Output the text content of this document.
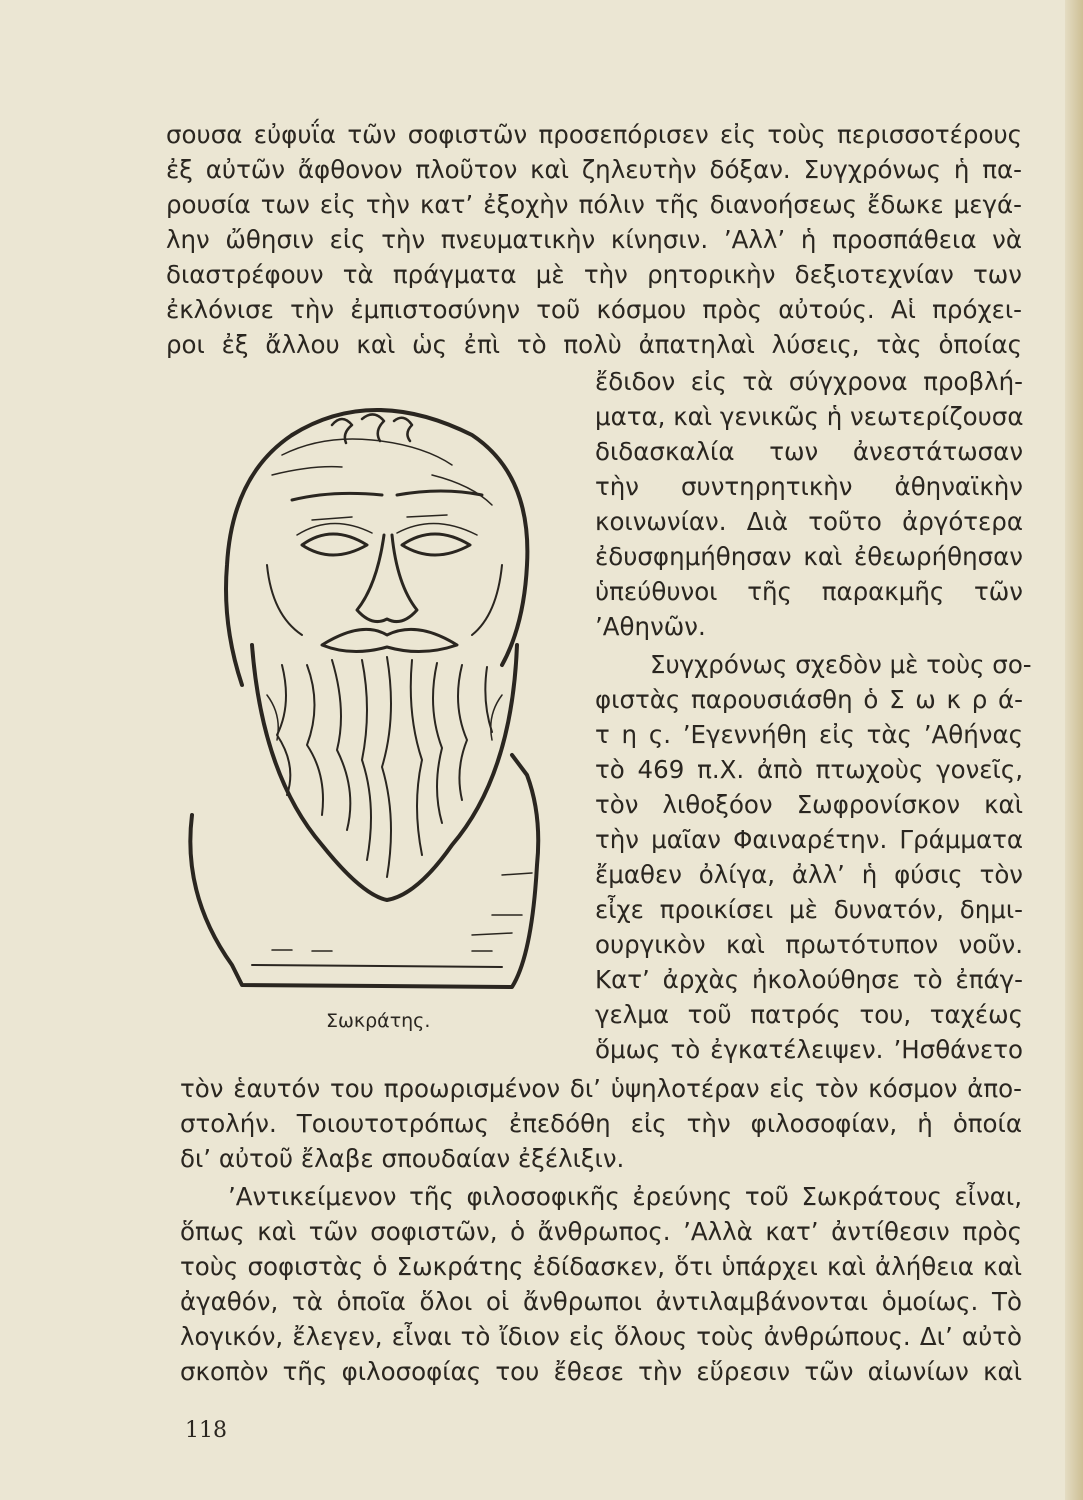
σουσα εὐφυΐα τῶν σοφιστῶν προσεπόρισεν εἰς τοὺς περισσοτέρους
ἐξ αὐτῶν ἄφθονον πλοῦτον καὶ ζηλευτὴν δόξαν. Συγχρόνως ἡ πα-
ρουσία των εἰς τὴν κατ’ ἐξοχὴν πόλιν τῆς διανοήσεως ἔδωκε μεγά-
λην ὤθησιν εἰς τὴν πνευματικὴν κίνησιν. ’Αλλ’ ἡ προσπάθεια νὰ
διαστρέφουν τὰ πράγματα μὲ τὴν ρητορικὴν δεξιοτεχνίαν των
ἐκλόνισε τὴν ἐμπιστοσύνην τοῦ κόσμου πρὸς αὐτούς. Αἱ πρόχει-
ροι ἐξ ἄλλου καὶ ὡς ἐπὶ τὸ πολὺ ἀπατηλαὶ λύσεις, τὰς ὁποίας
ἔδιδον εἰς τὰ σύγχρονα προβλή-
ματα, καὶ γενικῶς ἡ νεωτερίζουσα
διδασκαλία των ἀνεστάτωσαν
τὴν συντηρητικὴν ἀθηναϊκὴν
κοινωνίαν. Διὰ τοῦτο ἀργότερα
ἐδυσφημήθησαν καὶ ἐθεωρήθησαν
ὑπεύθυνοι τῆς παρακμῆς τῶν
’Αθηνῶν.
Συγχρόνως σχεδὸν μὲ τοὺς σο-
φιστὰς παρουσιάσθη ὁ Σ ω κ ρ ά-
τ η ς. ’Εγεννήθη εἰς τὰς ’Αθήνας
τὸ 469 π.Χ. ἀπὸ πτωχοὺς γονεῖς,
τὸν λιθοξόον Σωφρονίσκον καὶ
τὴν μαῖαν Φαιναρέτην. Γράμματα
ἔμαθεν ὀλίγα, ἀλλ’ ἡ φύσις τὸν
εἶχε προικίσει μὲ δυνατόν, δημι-
ουργικὸν καὶ πρωτότυπον νοῦν.
Κατ’ ἀρχὰς ἠκολούθησε τὸ ἐπάγ-
γελμα τοῦ πατρός του, ταχέως
ὅμως τὸ ἐγκατέλειψεν. ’Ησθάνετο
τὸν ἑαυτόν του προωρισμένον δι’ ὑψηλοτέραν εἰς τὸν κόσμον ἀπο-
στολήν. Τοιουτοτρόπως ἐπεδόθη εἰς τὴν φιλοσοφίαν, ἡ ὁποία
δι’ αὐτοῦ ἔλαβε σπουδαίαν ἐξέλιξιν.
’Αντικείμενον τῆς φιλοσοφικῆς ἐρεύνης τοῦ Σωκράτους εἶναι,
ὅπως καὶ τῶν σοφιστῶν, ὁ ἄνθρωπος. ’Αλλὰ κατ’ ἀντίθεσιν πρὸς
τοὺς σοφιστὰς ὁ Σωκράτης ἐδίδασκεν, ὅτι ὑπάρχει καὶ ἀλήθεια καὶ
ἀγαθόν, τὰ ὁποῖα ὅλοι οἱ ἄνθρωποι ἀντιλαμβάνονται ὁμοίως. Τὸ
λογικόν, ἔλεγεν, εἶναι τὸ ἴδιον εἰς ὅλους τοὺς ἀνθρώπους. Δι’ αὐτὸ
σκοπὸν τῆς φιλοσοφίας του ἔθεσε τὴν εὕρεσιν τῶν αἰωνίων καὶ
Σωκράτης.
118
